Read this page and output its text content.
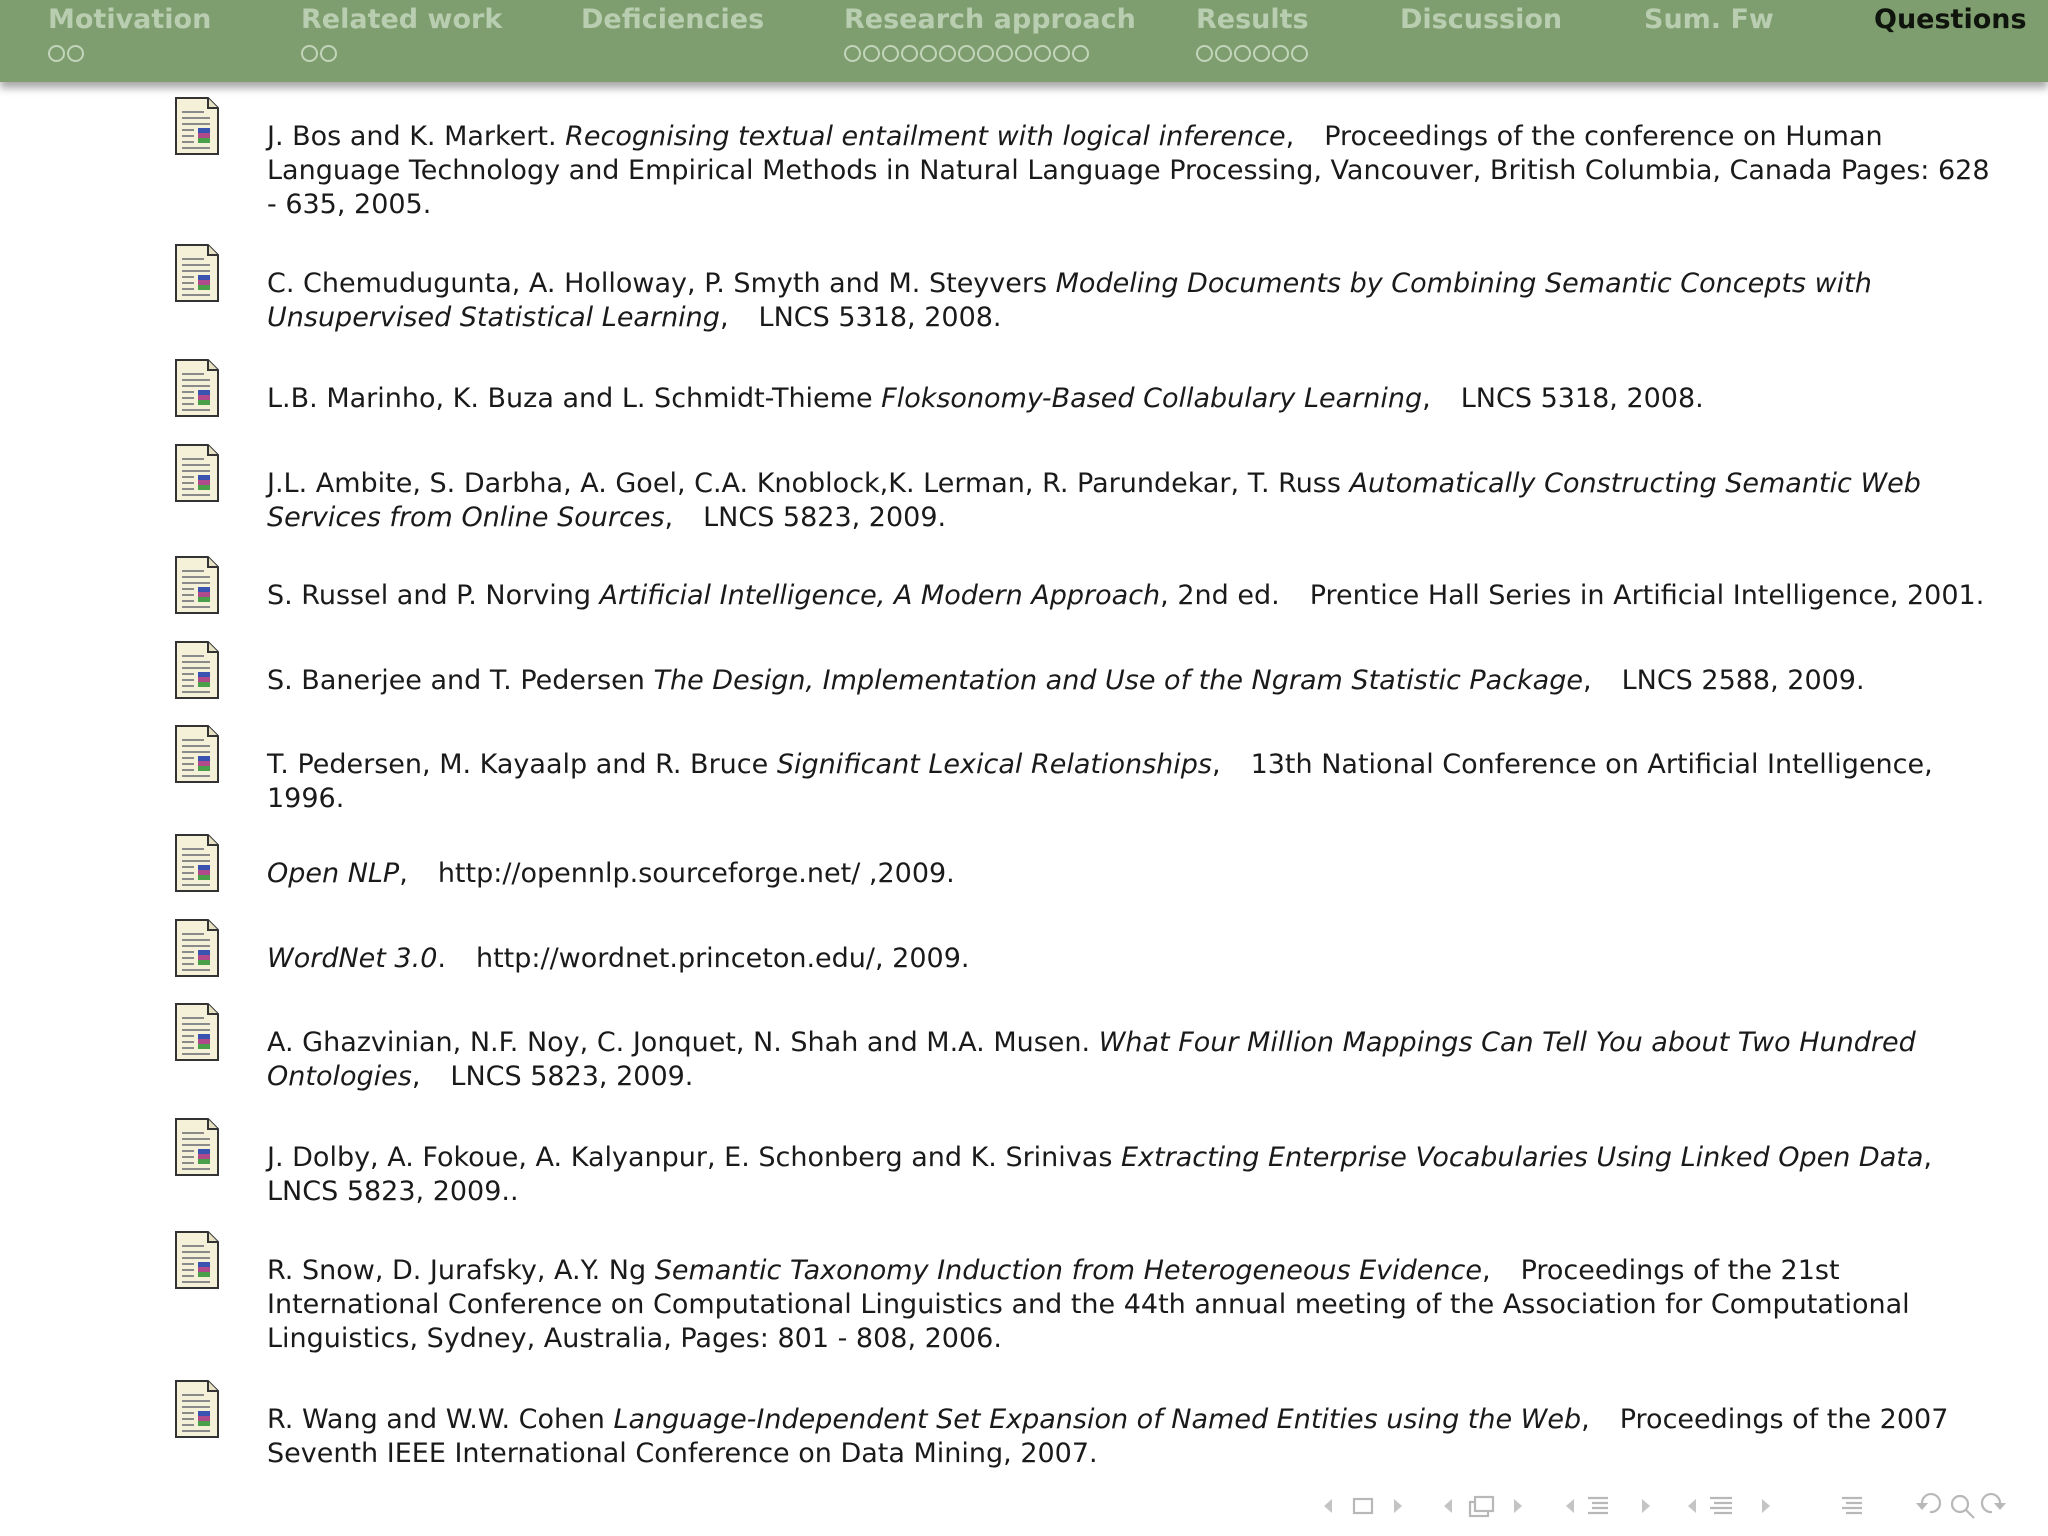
Motivation	Related work	Deficiencies	Research approach Results	Discussion	Sum. Fw	Questions
J. Bos and K. Markert. Recognising textual entailment with logical inference, Proceedings of the conference on Human
Language Technology and Empirical Methods in Natural Language Processing, Vancouver, British Columbia, Canada Pages: 628
- 635, 2005.
C. Chemudugunta, A. Holloway, P. Smyth and M. Steyvers Modeling Documents by Combining Semantic Concepts with
Unsupervised Statistical Learning, LNCS 5318, 2008.
L.B. Marinho, K. Buza and L. Schmidt-Thieme Floksonomy-Based Collabulary Learning, LNCS 5318, 2008.
J.L. Ambite, S. Darbha, A. Goel, C.A. Knoblock,K. Lerman, R. Parundekar, T. Russ Automatically Constructing Semantic Web
Services from Online Sources, LNCS 5823, 2009.
S. Russel and P. Norving Artificial Intelligence, A Modern Approach, 2nd ed. Prentice Hall Series in Artificial Intelligence, 2001.
S. Banerjee and T. Pedersen The Design, Implementation and Use of the Ngram Statistic Package, LNCS 2588, 2009.
T. Pedersen, M. Kayaalp and R. Bruce Significant Lexical Relationships, 13th National Conference on Artificial Intelligence,
1996.
Open NLP, http://opennlp.sourceforge.net/ ,2009.
WordNet 3.0. http://wordnet.princeton.edu/, 2009.
A. Ghazvinian, N.F. Noy, C. Jonquet, N. Shah and M.A. Musen. What Four Million Mappings Can Tell You about Two Hundred
Ontologies, LNCS 5823, 2009.
J. Dolby, A. Fokoue, A. Kalyanpur, E. Schonberg and K. Srinivas Extracting Enterprise Vocabularies Using Linked Open Data,
LNCS 5823, 2009..
R. Snow, D. Jurafsky, A.Y. Ng Semantic Taxonomy Induction from Heterogeneous Evidence, Proceedings of the 21st
International Conference on Computational Linguistics and the 44th annual meeting of the Association for Computational
Linguistics, Sydney, Australia, Pages: 801 - 808, 2006.
R. Wang and W.W. Cohen Language-Independent Set Expansion of Named Entities using the Web, Proceedings of the 2007
Seventh IEEE International Conference on Data Mining, 2007.
